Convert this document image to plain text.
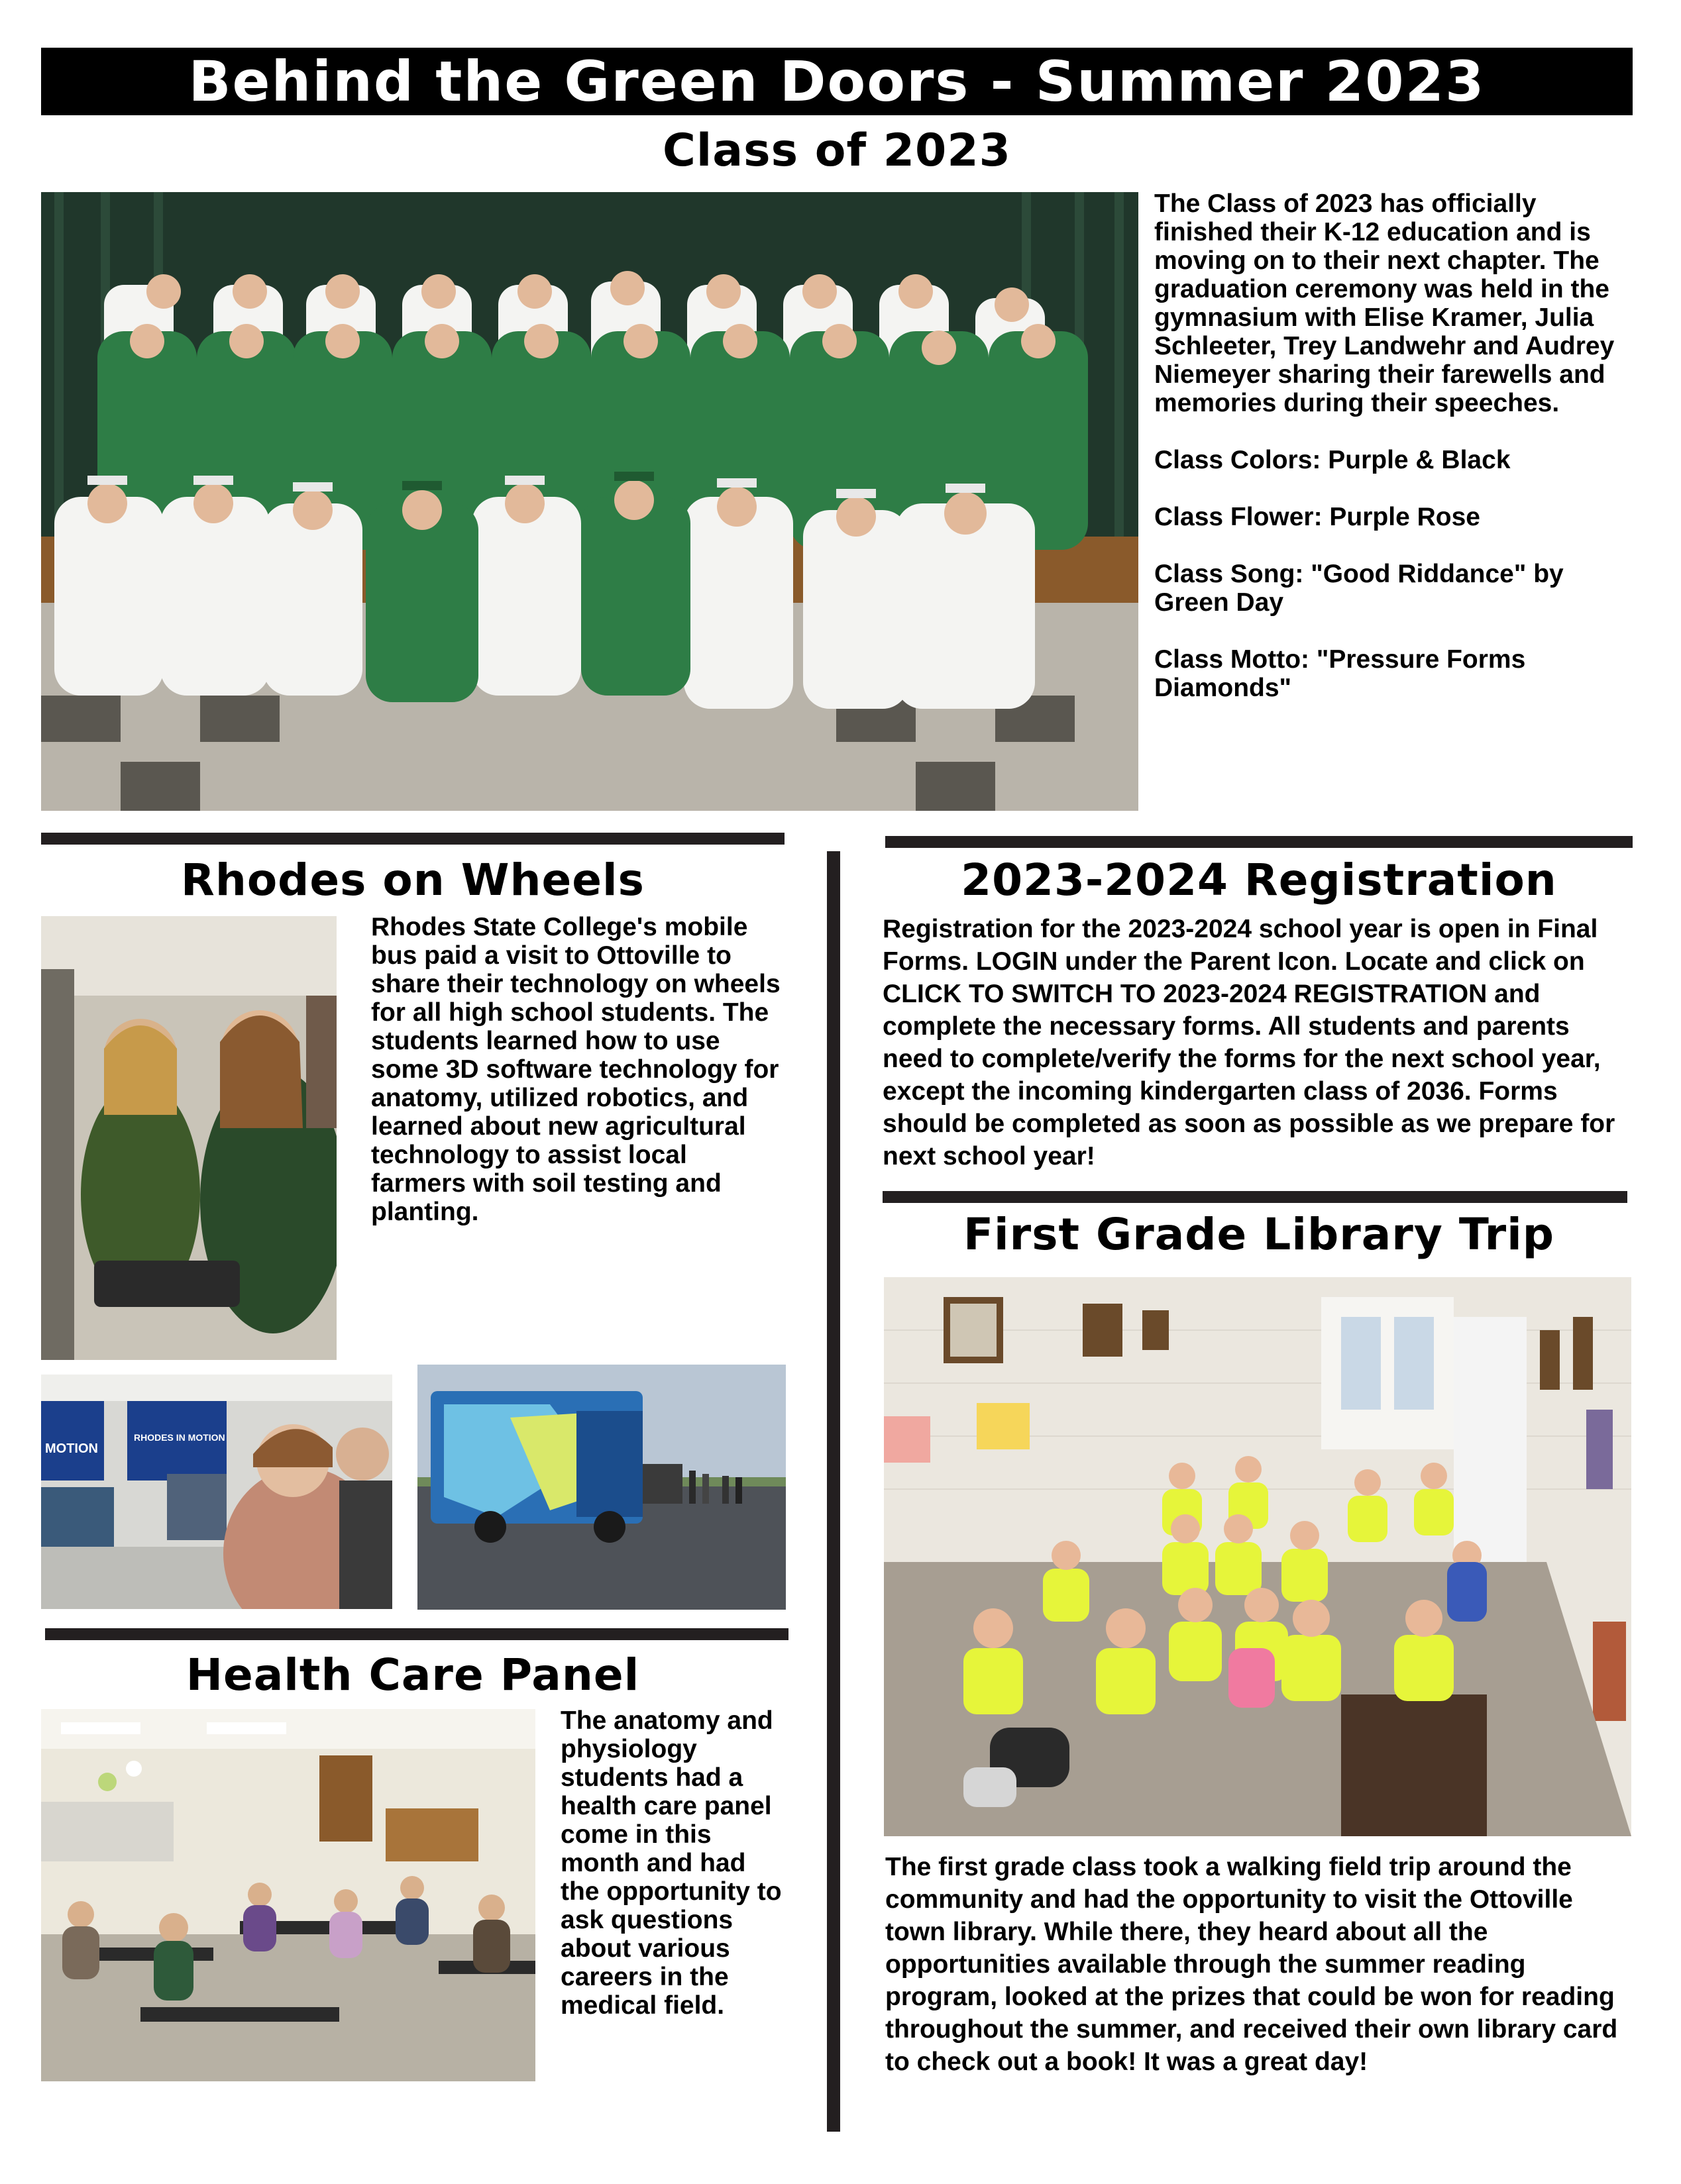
Behind the Green Doors - Summer 2023
Class of 2023

The Class of 2023 has officially finished their K-12 education and is moving on to their next chapter. The graduation ceremony was held in the gymnasium with Elise Kramer, Julia Schleeter, Trey Landwehr and Audrey Niemeyer sharing their farewells and memories during their speeches.

Class Colors: Purple & Black

Class Flower: Purple Rose

Class Song: "Good Riddance" by Green Day

Class Motto: "Pressure Forms Diamonds"

Rhodes on Wheels
Rhodes State College's mobile bus paid a visit to Ottoville to share their technology on wheels for all high school students. The students learned how to use some 3D software technology for anatomy, utilized robotics, and learned about new agricultural technology to assist local farmers with soil testing and planting.
MOTION
RHODES IN MOTION
Health Care Panel
The anatomy and physiology students had a health care panel come in this month and had the opportunity to ask questions about various careers in the medical field.
2023-2024 Registration
Registration for the 2023-2024 school year is open in Final Forms. LOGIN under the Parent Icon. Locate and click on CLICK TO SWITCH TO 2023-2024 REGISTRATION and complete the necessary forms. All students and parents need to complete/verify the forms for the next school year, except the incoming kindergarten class of 2036. Forms should be completed as soon as possible as we prepare for next school year!
First Grade Library Trip
The first grade class took a walking field trip around the community and had the opportunity to visit the Ottoville town library. While there, they heard about all the opportunities available through the summer reading program, looked at the prizes that could be won for reading throughout the summer, and received their own library card to check out a book! It was a great day!
